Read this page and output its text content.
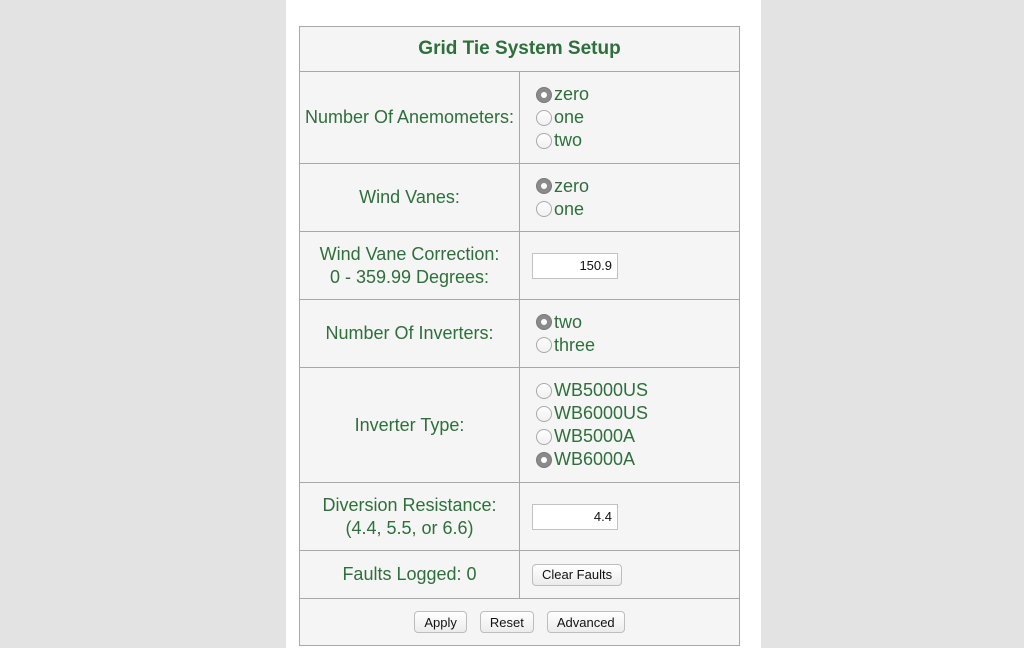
Grid Tie System Setup	
Number Of Anemometers:	zero
one
two

Wind Vanes:	zero
one

Wind Vane Correction:
0 - 359.99 Degrees:
	150.9
Number Of Inverters:	two
three

Inverter Type:	WB5000US
WB6000US
WB5000A
WB6000A

Diversion Resistance:
(4.4, 5.5, or 6.6)
	4.4
Faults Logged: 0	Clear Faults
Apply Reset Advanced	
